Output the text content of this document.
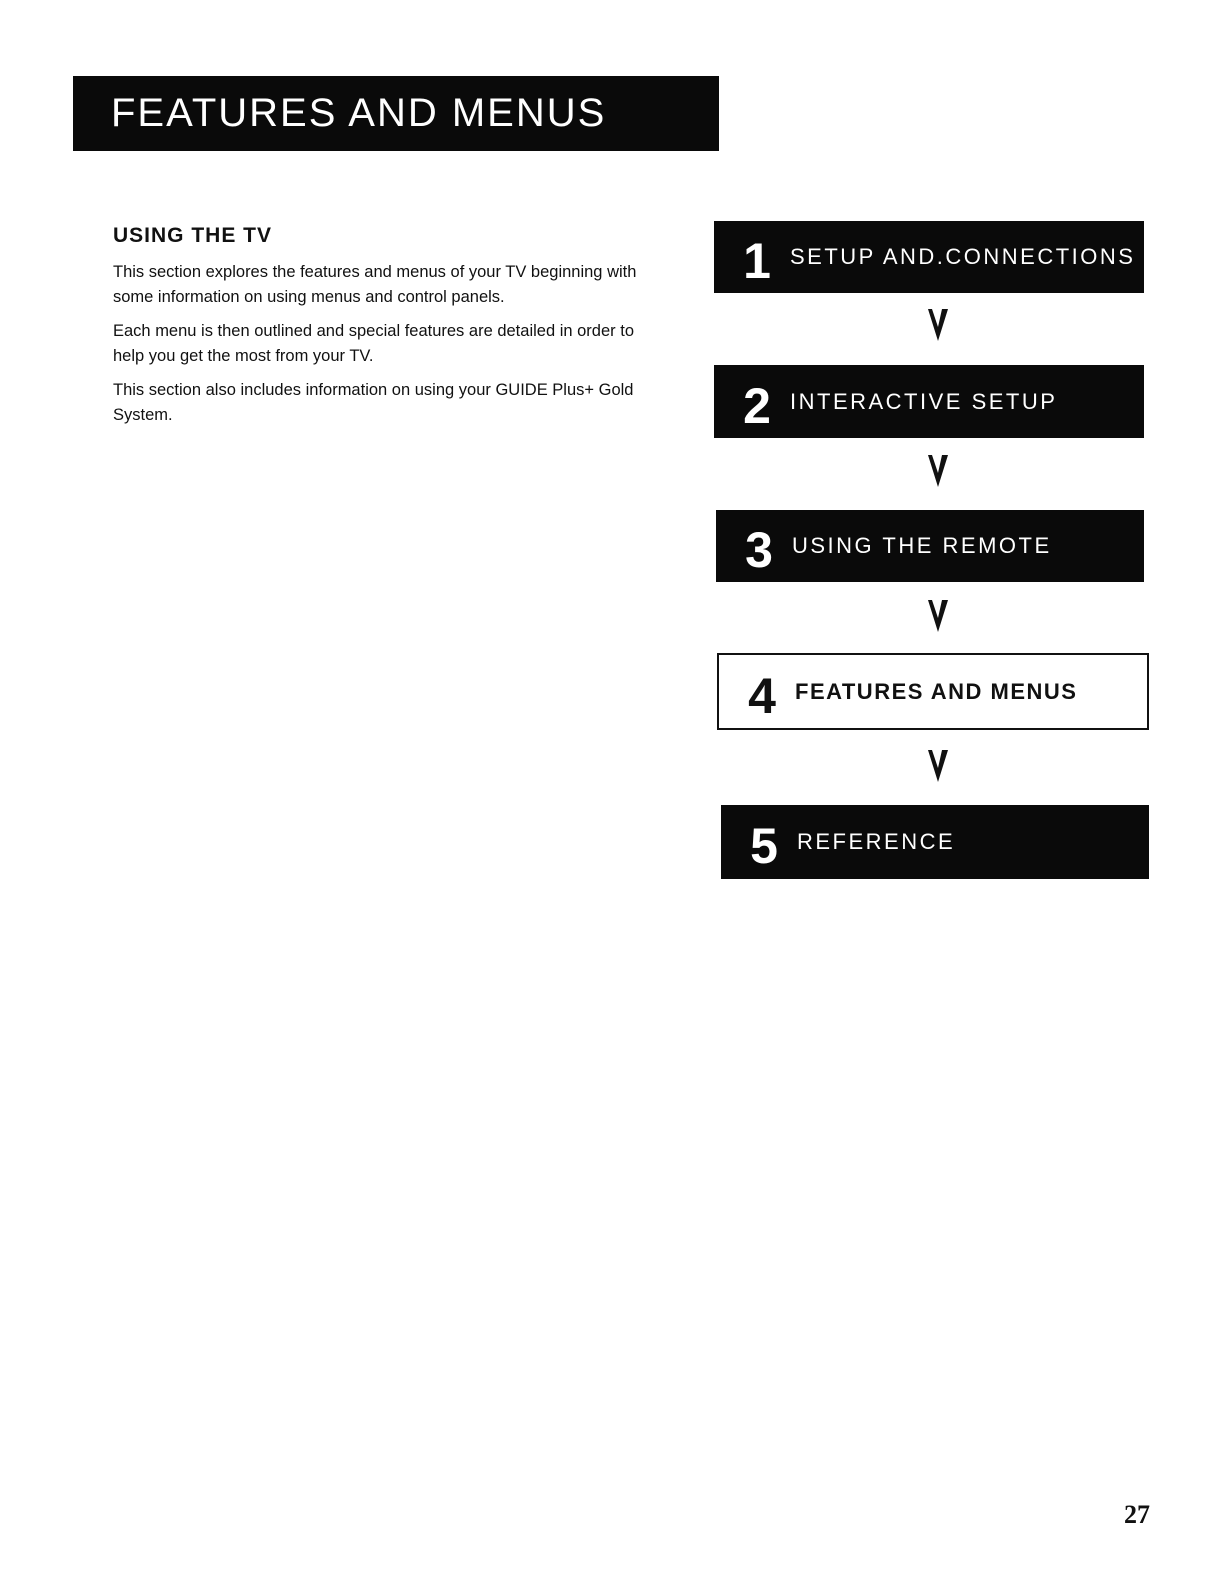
FEATURES AND MENUS
USING THE TV

This section explores the features and menus of your TV beginning with some information on using menus and control panels.

Each menu is then outlined and special features are detailed in order to help you get the most from your TV.

This section also includes information on using your GUIDE Plus+ Gold System.

1 SETUP AND.CONNECTIONS
2 INTERACTIVE SETUP
3 USING THE REMOTE
4 FEATURES AND MENUS
5 REFERENCE
27
